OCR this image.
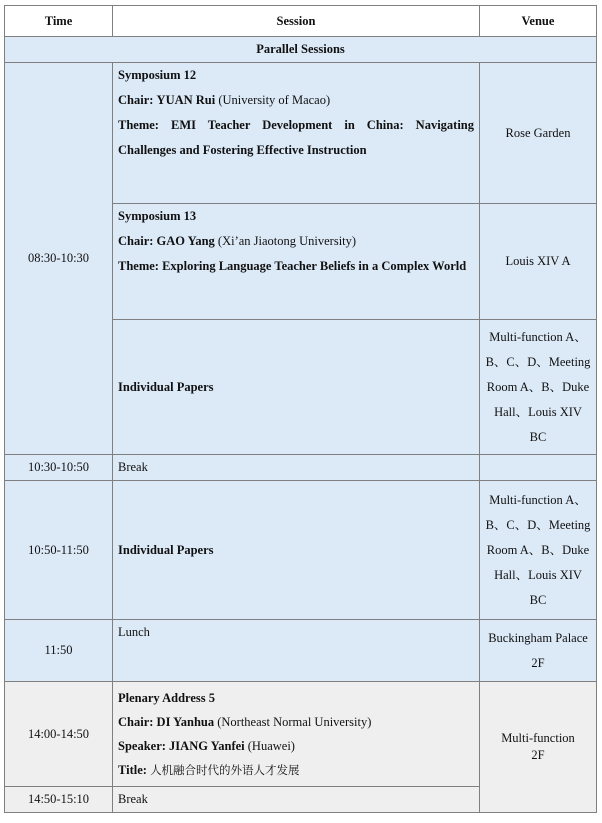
Time	Session	Venue
Parallel Sessions		
08:30-10:30	Symposium 12
Chair: YUAN Rui (University of Macao)
Theme: EMI Teacher Development in China: Navigating Challenges and Fostering Effective Instruction	Rose Garden

	Symposium 13
Chair: GAO Yang (Xi’an Jiaotong University)
Theme: Exploring Language Teacher Beliefs in a Complex World	Louis XIV A
	Individual Papers	Multi-function A、B、C、D、Meeting Room A、B、Duke Hall、Louis XIV BC
10:30-10:50	Break	
10:50-11:50	Individual Papers	Multi-function A、B、C、D、Meeting Room A、B、Duke Hall、Louis XIV BC
11:50	Lunch	Buckingham Palace 2F
14:00-14:50	Plenary Address 5
Chair: DI Yanhua (Northeast Normal University)
Speaker: JIANG Yanfei (Huawei)
Title: 人机融合时代的外语人才发展	Multi-function 2F
14:50-15:10	Break	
